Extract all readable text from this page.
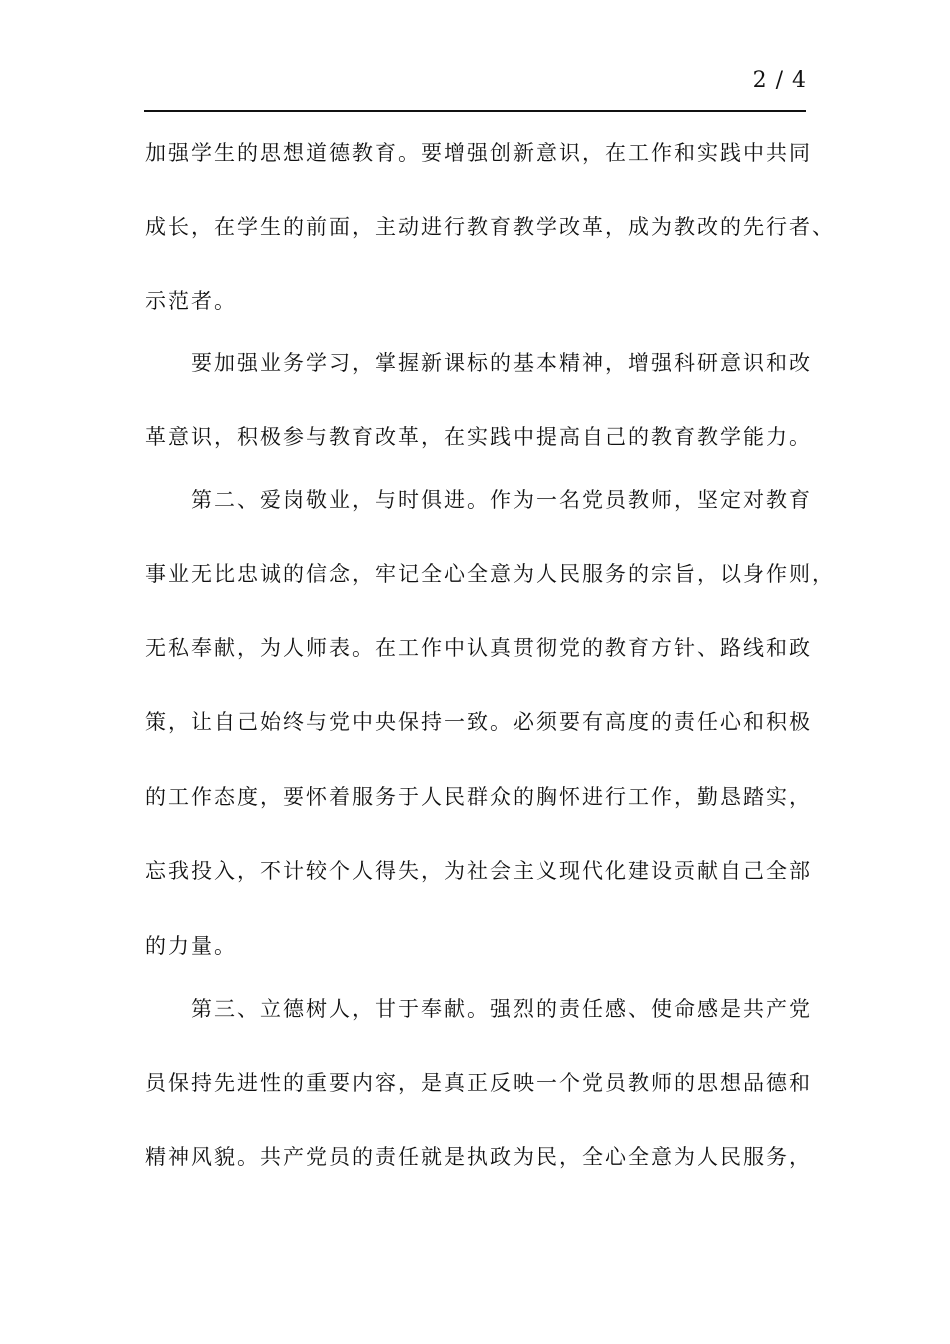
2 / 4
加强学生的思想道德教育。要增强创新意识，在工作和实践中共同
成长，在学生的前面，主动进行教育教学改革，成为教改的先行者、
示范者。
要加强业务学习，掌握新课标的基本精神，增强科研意识和改
革意识，积极参与教育改革，在实践中提高自己的教育教学能力。
第二、爱岗敬业，与时俱进。作为一名党员教师，坚定对教育
事业无比忠诚的信念，牢记全心全意为人民服务的宗旨，以身作则，
无私奉献，为人师表。在工作中认真贯彻党的教育方针、路线和政
策，让自己始终与党中央保持一致。必须要有高度的责任心和积极
的工作态度，要怀着服务于人民群众的胸怀进行工作，勤恳踏实，
忘我投入，不计较个人得失，为社会主义现代化建设贡献自己全部
的力量。
第三、立德树人，甘于奉献。强烈的责任感、使命感是共产党
员保持先进性的重要内容，是真正反映一个党员教师的思想品德和
精神风貌。共产党员的责任就是执政为民，全心全意为人民服务，
